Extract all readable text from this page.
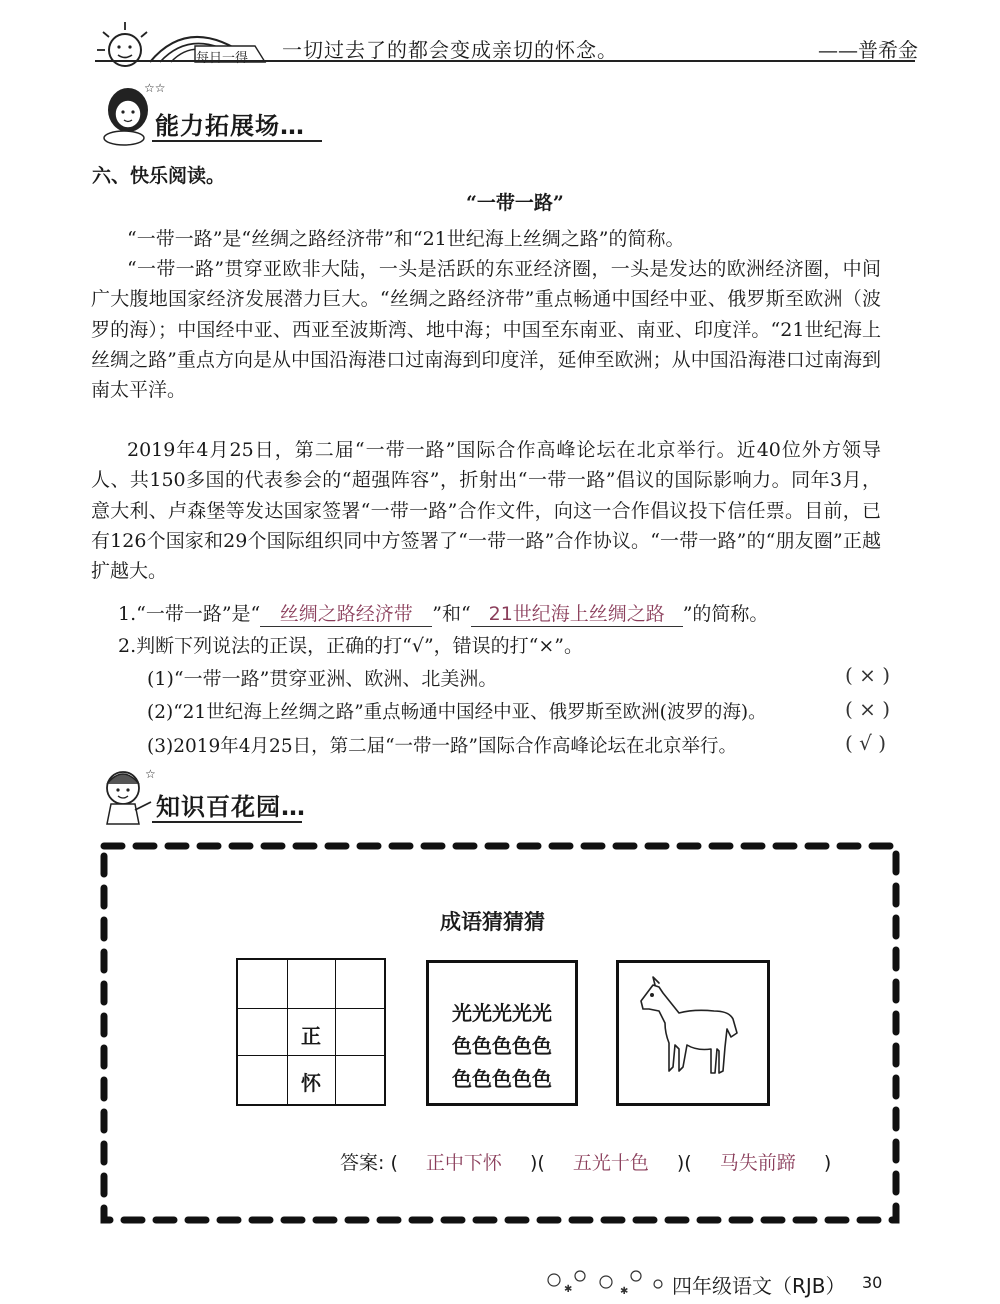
每日一得 一切过去了的都会变成亲切的怀念。	——普希金
☆☆
能力拓展场…
六、快乐阅读。
“一带一路”
“一带一路”是“丝绸之路经济带”和“21世纪海上丝绸之路”的简称。
“一带一路”贯穿亚欧非大陆，一头是活跃的东亚经济圈，一头是发达的欧洲经济圈，中间广大腹地国家经济发展潜力巨大。“丝绸之路经济带”重点畅通中国经中亚、俄罗斯至欧洲（波罗的海）；中国经中亚、西亚至波斯湾、地中海；中国至东南亚、南亚、印度洋。“21世纪海上丝绸之路”重点方向是从中国沿海港口过南海到印度洋，延伸至欧洲；从中国沿海港口过南海到南太平洋。
2019年4月25日，第二届“一带一路”国际合作高峰论坛在北京举行。近40位外方领导人、共150多国的代表参会的“超强阵容”，折射出“一带一路”倡议的国际影响力。同年3月，意大利、卢森堡等发达国家签署“一带一路”合作文件，向这一合作倡议投下信任票。目前，已有126个国家和29个国际组织同中方签署了“一带一路”合作协议。“一带一路”的“朋友圈”正越扩越大。
1.“一带一路”是“ 丝绸之路经济带 ”和“ 21世纪海上丝绸之路 ”的简称。
2.判断下列说法的正误，正确的打“√”，错误的打“×”。
(1)“一带一路”贯穿亚洲、欧洲、北美洲。	( × )
(2)“21世纪海上丝绸之路”重点畅通中国经中亚、俄罗斯至欧洲(波罗的海)。	( × )
(3)2019年4月25日，第二届“一带一路”国际合作高峰论坛在北京举行。	( √ )
☆
知识百花园…
成语猜猜猜
正
怀
光光光光光
色色色色色
色色色色色
答案: ( 正中下怀 )( 五光十色 )( 马失前蹄 )
✱	✱ 四年级语文（RJB） 30
